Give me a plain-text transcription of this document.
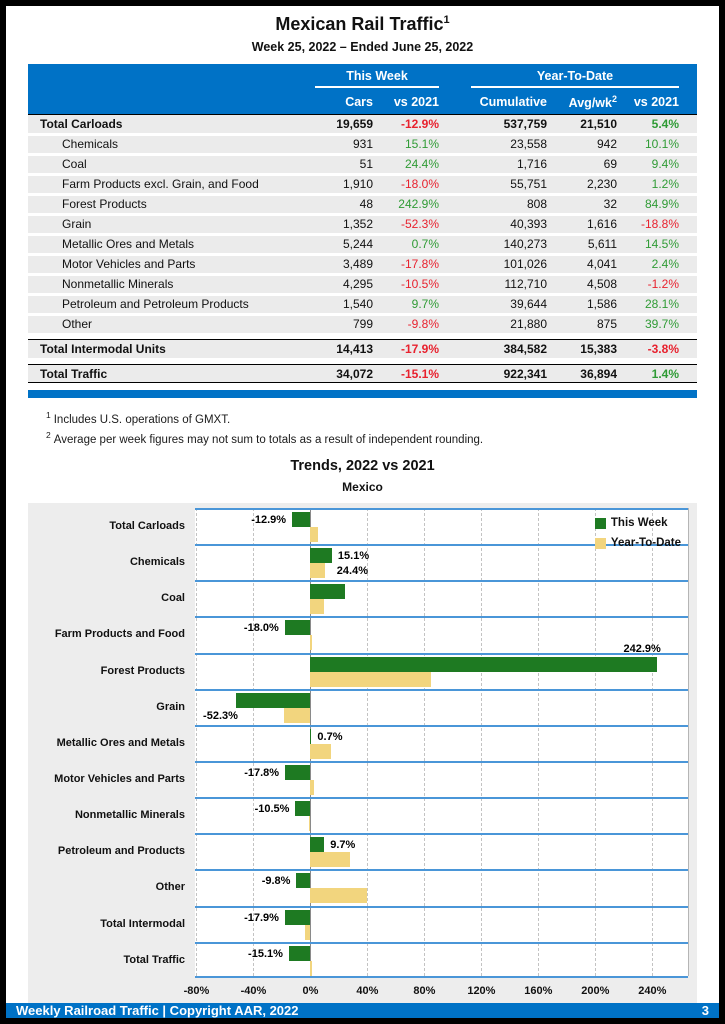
Mexican Rail Traffic$^1$
Week 25, 2022 – Ended June 25, 2022
This Week	Year-To-Date
Cars	vs 2021	Cumulative	Avg/$wk^2$	vs 2021
Total Carloads	19,659	-12.9%	537,759	21,510	5.4%
Chemicals	931	15.1%	23,558	942	10.1%
Coal	51	24.4%	1,716	69	9.4%
Farm Products excl. Grain, and Food	1,910	-18.0%	55,751	2,230	1.2%
Forest Products	48	242.9%	808	32	84.9%
Grain	1,352	-52.3%	40,393	1,616	-18.8%
Metallic Ores and Metals	5,244	0.7%	140,273	5,611	14.5%
Motor Vehicles and Parts	3,489	-17.8%	101,026	4,041	2.4%
Nonmetallic Minerals	4,295	-10.5%	112,710	4,508	-1.2%
Petroleum and Petroleum Products	1,540	9.7%	39,644	1,586	28.1%
Other	799	-9.8%	21,880	875	39.7%
Total Intermodal Units	14,413	-17.9%	384,582	15,383	-3.8%
Total Traffic	34,072	-15.1%	922,341	36,894	1.4%
$^1$ Includes U.S. operations of GMXT.
$^2$ Average per week figures may not sum to totals as a result of independent rounding.
Trends, 2022 vs 2021
Mexico
Total Carloads
Chemicals
Coal
Farm Products and Food
Forest Products
Grain
Metallic Ores and Metals
Motor Vehicles and Parts
Nonmetallic Minerals
Petroleum and Products
Other
Total Intermodal
Total Traffic
-12.9%
15.1%
24.4%
-18.0%
242.9%
-52.3%
0.7%
-17.8%
-10.5%
9.7%
-9.8%
-17.9%
-15.1%
This Week
Year-To-Date
-80%	-40%	0%	40%	80%	120%	160%	200%	240%
Weekly Railroad Traffic | Copyright AAR, 2022	3
